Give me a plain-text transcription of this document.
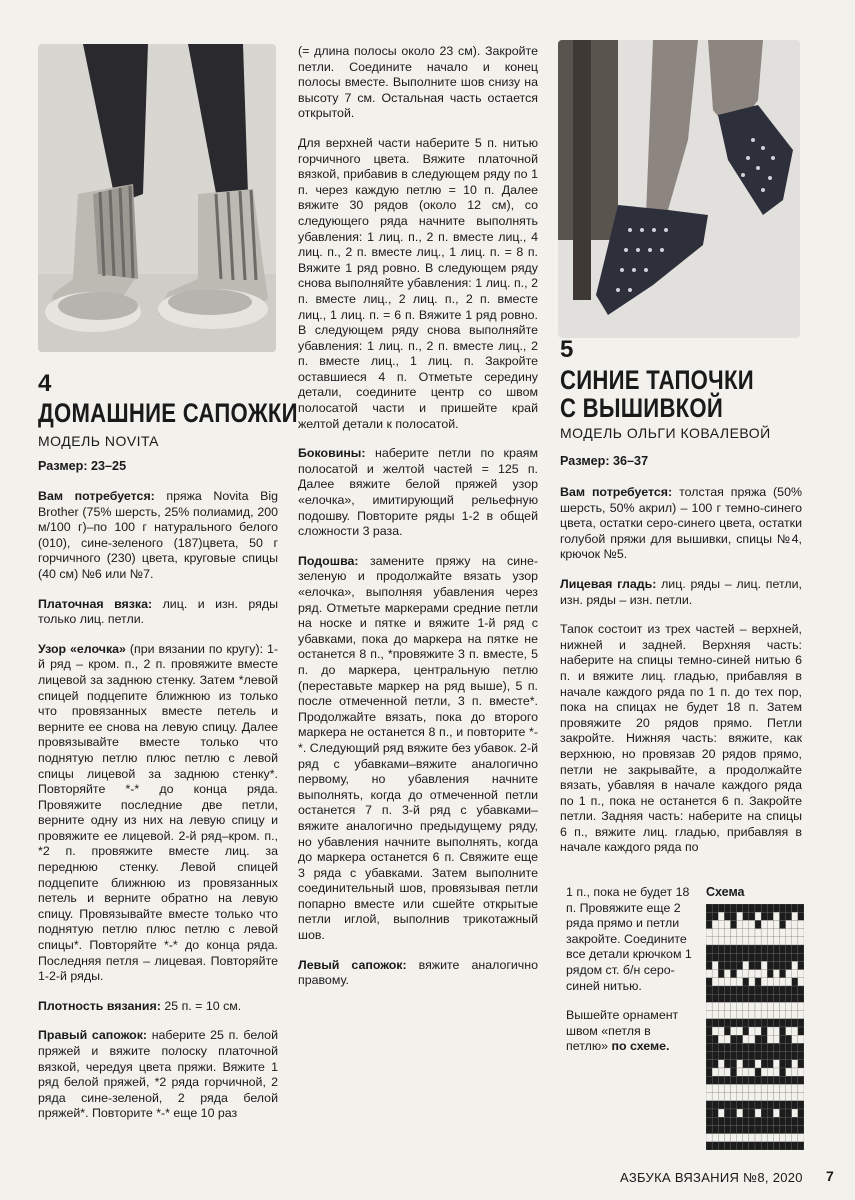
4
ДОМАШНИЕ САПОЖКИ
МОДЕЛЬ NOVITA
Размер: 23–25

Вам потребуется: пряжа Novita Big Brother (75% шерсть, 25% полиамид, 200 м/100 г)–по 100 г натурального белого (010), сине-зеленого (187)цвета, 50 г горчичного (230) цвета, круговые спицы (40 см) №6 или №7.

Платочная вязка: лиц. и изн. ряды только лиц. петли.

Узор «елочка» (при вязании по кругу): 1-й ряд – кром. п., 2 п. провяжите вместе лицевой за заднюю стенку. Затем *левой спицей подцепите ближнюю из только что провязанных вместе петель и верните ее снова на левую спицу. Далее провязывайте вместе только что поднятую петлю плюс петлю с левой спицы лицевой за заднюю стенку*. Повторяйте *-* до конца ряда. Провяжите последние две петли, верните одну из них на левую спицу и провяжите ее лицевой. 2-й ряд–кром. п., *2 п. провяжите вместе лиц. за переднюю стенку. Левой спицей подцепите ближнюю из провязанных петель и верните обратно на левую спицу. Провязывайте вместе только что поднятую петлю плюс петлю с левой спицы*. Повторяйте *-* до конца ряда. Последняя петля – лицевая. Повторяйте 1-2-й ряды.

Плотность вязания: 25 п. = 10 см.

Правый сапожок: наберите 25 п. белой пряжей и вяжите полоску платочной вязкой, чередуя цвета пряжи. Вяжите 1 ряд белой пряжей, *2 ряда горчичной, 2 ряда сине-зеленой, 2 ряда белой пряжей*. Повторите *-* еще 10 раз

(= длина полосы около 23 см). Закройте петли. Соедините начало и конец полосы вместе. Выполните шов снизу на высоту 7 см. Остальная часть остается открытой.

Для верхней части наберите 5 п. нитью горчичного цвета. Вяжите платочной вязкой, прибавив в следующем ряду по 1 п. через каждую петлю = 10 п. Далее вяжите 30 рядов (около 12 см), со следующего ряда начните выполнять убавления: 1 лиц. п., 2 п. вместе лиц., 4 лиц. п., 2 п. вместе лиц., 1 лиц. п. = 8 п. Вяжите 1 ряд ровно. В следующем ряду снова выполняйте убавления: 1 лиц. п., 2 п. вместе лиц., 2 лиц. п., 2 п. вместе лиц., 1 лиц. п. = 6 п. Вяжите 1 ряд ровно. В следующем ряду снова выполняйте убавления: 1 лиц. п., 2 п. вместе лиц., 2 п. вместе лиц., 1 лиц. п. Закройте оставшиеся 4 п. Отметьте середину детали, соедините центр со швом полосатой части и пришейте край желтой детали к полосатой.

Боковины: наберите петли по краям полосатой и желтой частей = 125 п. Далее вяжите белой пряжей узор «елочка», имитирующий рельефную подошву. Повторите ряды 1-2 в общей сложности 3 раза.

Подошва: замените пряжу на сине-зеленую и продолжайте вязать узор «елочка», выполняя убавления через ряд. Отметьте маркерами средние петли на носке и пятке и вяжите 1-й ряд с убавками, пока до маркера на пятке не останется 8 п., *провяжите 3 п. вместе, 5 п. до маркера, центральную петлю (переставьте маркер на ряд выше), 5 п. после отмеченной петли, 3 п. вместе*. Продолжайте вязать, пока до второго маркера не останется 8 п., и повторите *-*. Следующий ряд вяжите без убавок. 2-й ряд с убавками–вяжите аналогично первому, но убавления начните выполнять, когда до отмеченной петли останется 7 п. 3-й ряд с убавками–вяжите аналогично предыдущему ряду, но убавления начните выполнять, когда до маркера останется 6 п. Свяжите еще 3 ряда с убавками. Затем выполните соединительный шов, провязывая петли попарно вместе или сшейте открытые петли иглой, выполнив трикотажный шов.

Левый сапожок: вяжите аналогично правому.

5
СИНИЕ ТАПОЧКИ
С ВЫШИВКОЙ
МОДЕЛЬ ОЛЬГИ КОВАЛЕВОЙ
Размер: 36–37

Вам потребуется: толстая пряжа (50% шерсть, 50% акрил) – 100 г темно-синего цвета, остатки серо-синего цвета, остатки голубой пряжи для вышивки, спицы №4, крючок №5.

Лицевая гладь: лиц. ряды – лиц. петли, изн. ряды – изн. петли.

Тапок состоит из трех частей – верхней, нижней и задней. Верхняя часть: наберите на спицы темно-синей нитью 6 п. и вяжите лиц. гладью, прибавляя в начале каждого ряда по 1 п. до тех пор, пока на спицах не будет 18 п. Затем провяжите 20 рядов прямо. Петли закройте. Нижняя часть: вяжите, как верхнюю, но провязав 20 рядов прямо, петли не закрывайте, а продолжайте вязать, убавляя в начале каждого ряда по 1 п., пока не останется 6 п. Закройте петли. Задняя часть: наберите на спицы 6 п., вяжите лиц. гладью, прибавляя в начале каждого ряда по

1 п., пока не будет 18 п. Провяжите еще 2 ряда прямо и петли закройте. Соедините все детали крючком 1 рядом ст. б/н серо-синей нитью.

Вышейте орнамент швом «петля в петлю» по схеме.

Схема
АЗБУКА ВЯЗАНИЯ №8, 2020 7
